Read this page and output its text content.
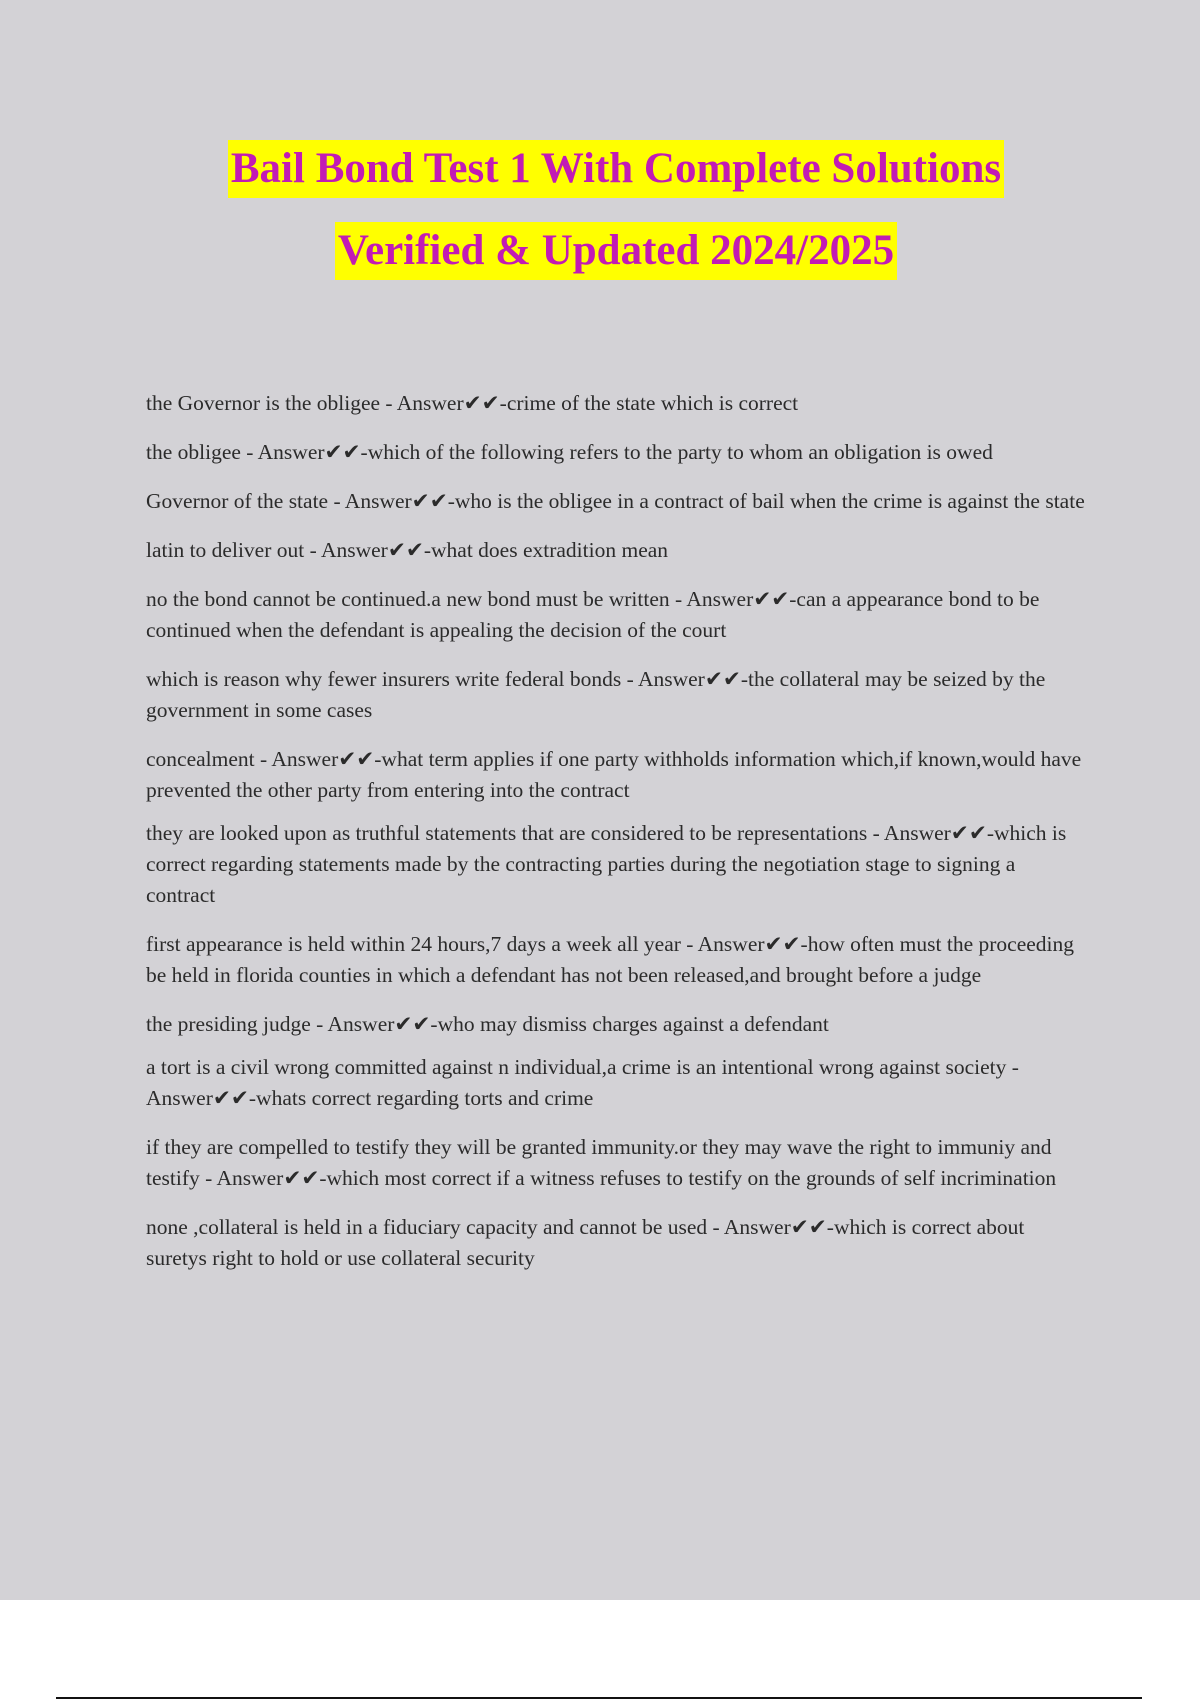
Bail Bond Test 1 With Complete Solutions
Verified & Updated 2024/2025
the Governor is the obligee - Answer✔✔-crime of the state which is correct
the obligee - Answer✔✔-which of the following refers to the party to whom an obligation is owed
Governor of the state - Answer✔✔-who is the obligee in a contract of bail when the crime is against the state
latin to deliver out - Answer✔✔-what does extradition mean
no the bond cannot be continued.a new bond must be written - Answer✔✔-can a appearance bond to be continued when the defendant is appealing the decision of the court
which is reason why fewer insurers write federal bonds - Answer✔✔-the collateral may be seized by the government in some cases
concealment - Answer✔✔-what term applies if one party withholds information which,if known,would have prevented the other party from entering into the contract
they are looked upon as truthful statements that are considered to be representations - Answer✔✔-which is correct regarding statements made by the contracting parties during the negotiation stage to signing a contract
first appearance is held within 24 hours,7 days a week all year - Answer✔✔-how often must the proceeding be held in florida counties in which a defendant has not been released,and brought before a judge
the presiding judge - Answer✔✔-who may dismiss charges against a defendant
a tort is a civil wrong committed against n individual,a crime is an intentional wrong against society - Answer✔✔-whats correct regarding torts and crime
if they are compelled to testify they will be granted immunity.or they may wave the right to immuniy and testify - Answer✔✔-which most correct if a witness refuses to testify on the grounds of self incrimination
none ,collateral is held in a fiduciary capacity and cannot be used - Answer✔✔-which is correct about suretys right to hold or use collateral security
